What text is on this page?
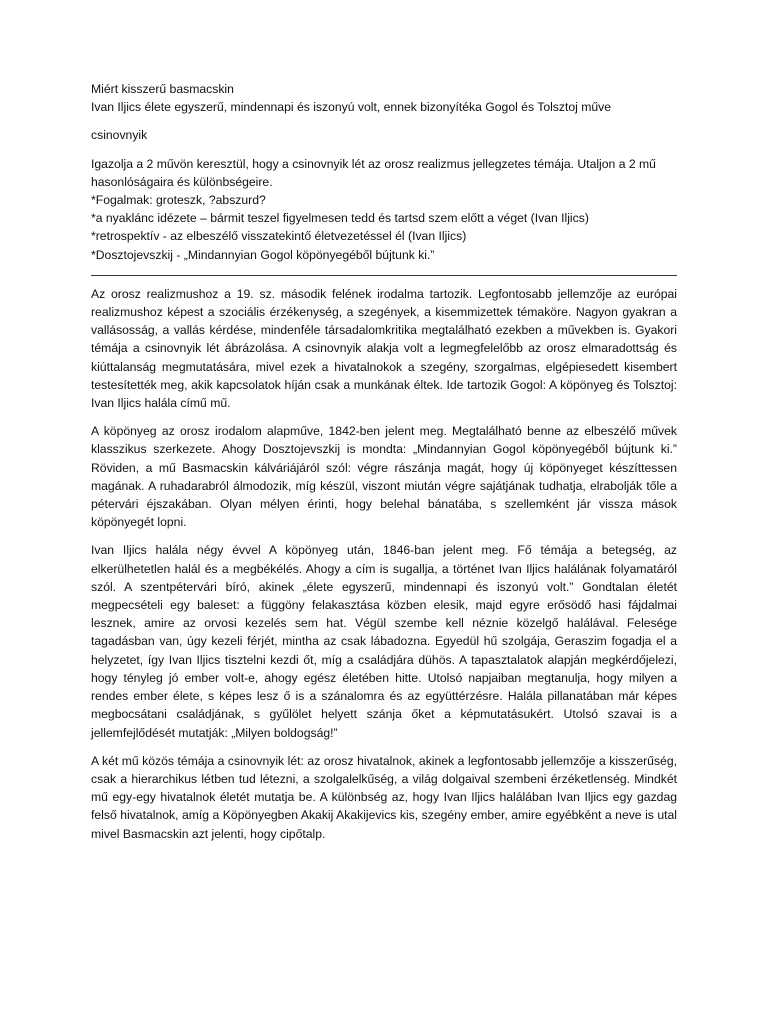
Miért kisszerű basmacskin

Ivan Iljics élete egyszerű, mindennapi és iszonyú volt, ennek bizonyítéka Gogol és Tolsztoj műve

csinovnyik

Igazolja a 2 művön keresztül, hogy a csinovnyik lét az orosz realizmus jellegzetes témája. Utaljon a 2 mű hasonlóságaira és különbségeire.

*Fogalmak: groteszk, ?abszurd?

*a nyaklánc idézete – bármit teszel figyelmesen tedd és tartsd szem előtt a véget (Ivan Iljics)

*retrospektív - az elbeszélő visszatekintő életvezetéssel él (Ivan Iljics)

*Dosztojevszkij - „Mindannyian Gogol köpönyegéből bújtunk ki.”

Az orosz realizmushoz a 19. sz. második felének irodalma tartozik. Legfontosabb jellemzője az európai realizmushoz képest a szociális érzékenység, a szegények, a kisemmizettek témaköre. Nagyon gyakran a vallásosság, a vallás kérdése, mindenféle társadalomkritika megtalálható ezekben a művekben is. Gyakori témája a csinovnyik lét ábrázolása. A csinovnyik alakja volt a legmegfelelőbb az orosz elmaradottság és kiúttalanság megmutatására, mivel ezek a hivatalnokok a szegény, szorgalmas, elgépiesedett kisembert testesítették meg, akik kapcsolatok híján csak a munkának éltek. Ide tartozik Gogol: A köpönyeg és Tolsztoj: Ivan Iljics halála című mű.

A köpönyeg az orosz irodalom alapműve, 1842-ben jelent meg. Megtalálható benne az elbeszélő művek klasszikus szerkezete. Ahogy Dosztojevszkij is mondta: „Mindannyian Gogol köpönyegéből bújtunk ki.” Röviden, a mű Basmacskin kálváriájáról szól: végre rászánja magát, hogy új köpönyeget készíttessen magának. A ruhadarabról álmodozik, míg készül, viszont miután végre sajátjának tudhatja, elrabolják tőle a pétervári éjszakában. Olyan mélyen érinti, hogy belehal bánatába, s szellemként jár vissza mások köpönyegét lopni.

Ivan Iljics halála négy évvel A köpönyeg után, 1846-ban jelent meg. Fő témája a betegség, az elkerülhetetlen halál és a megbékélés. Ahogy a cím is sugallja, a történet Ivan Iljics halálának folyamatáról szól. A szentpétervári bíró, akinek „élete egyszerű, mindennapi és iszonyú volt.” Gondtalan életét megpecsételi egy baleset: a függöny felakasztása közben elesik, majd egyre erősödő hasi fájdalmai lesznek, amire az orvosi kezelés sem hat. Végül szembe kell néznie közelgő halálával. Felesége tagadásban van, úgy kezeli férjét, mintha az csak lábadozna. Egyedül hű szolgája, Geraszim fogadja el a helyzetet, így Ivan Iljics tisztelni kezdi őt, míg a családjára dühös. A tapasztalatok alapján megkérdőjelezi, hogy tényleg jó ember volt-e, ahogy egész életében hitte. Utolsó napjaiban megtanulja, hogy milyen a rendes ember élete, s képes lesz ő is a szánalomra és az együttérzésre. Halála pillanatában már képes megbocsátani családjának, s gyűlölet helyett szánja őket a képmutatásukért. Utolsó szavai is a jellemfejlődését mutatják: „Milyen boldogság!”

A két mű közös témája a csinovnyik lét: az orosz hivatalnok, akinek a legfontosabb jellemzője a kisszerűség, csak a hierarchikus létben tud létezni, a szolgalelkűség, a világ dolgaival szembeni érzéketlenség. Mindkét mű egy-egy hivatalnok életét mutatja be. A különbség az, hogy Ivan Iljics halálában Ivan Iljics egy gazdag felső hivatalnok, amíg a Köpönyegben Akakij Akakijevics kis, szegény ember, amire egyébként a neve is utal mivel Basmacskin azt jelenti, hogy cipőtalp.
